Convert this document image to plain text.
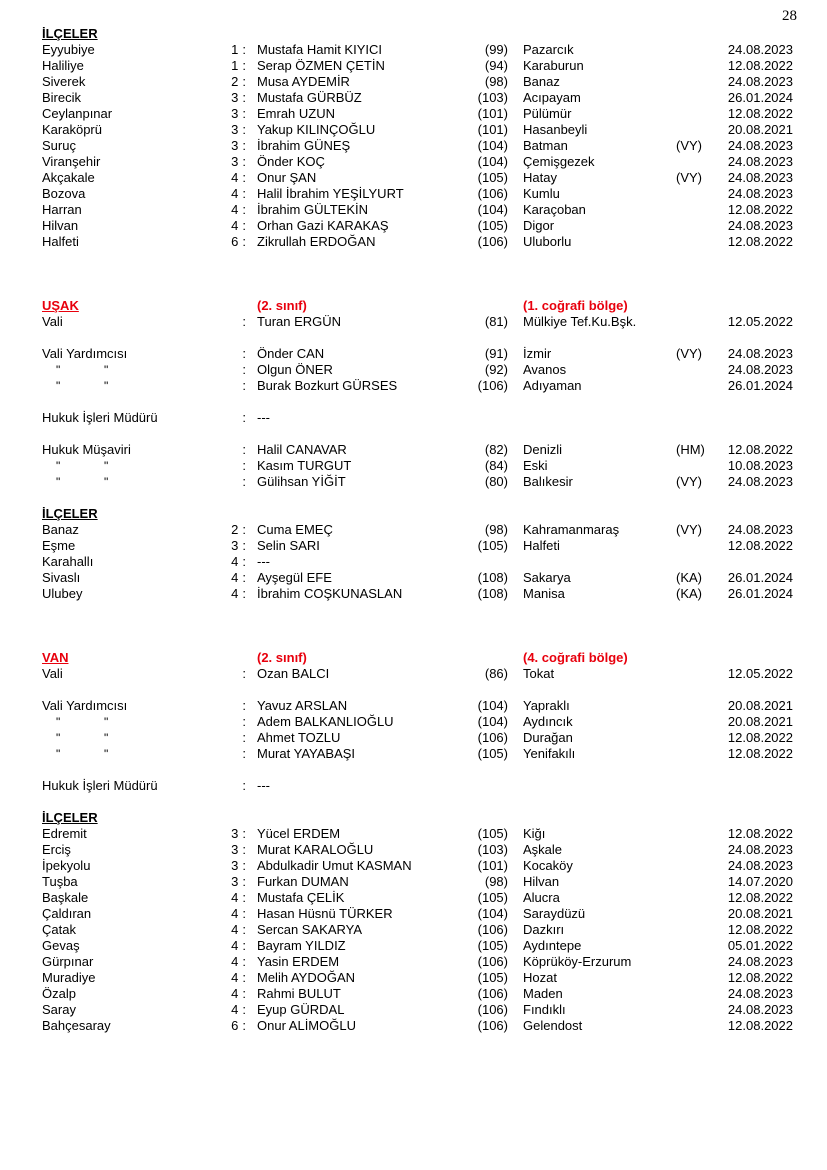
28
İLÇELER
Eyyubiye	1 : Mustafa Hamit KIYICI	(99) Pazarcık	24.08.2023
Haliliye	1 : Serap ÖZMEN ÇETİN	(94) Karaburun	12.08.2022
Siverek	2 : Musa AYDEMİR	(98) Banaz	24.08.2023
Birecik	3 : Mustafa GÜRBÜZ	(103) Acıpayam	26.01.2024
Ceylanpınar	3 : Emrah UZUN	(101) Pülümür	12.08.2022
Karaköprü	3 : Yakup KILINÇOĞLU	(101) Hasanbeyli	20.08.2021
Suruç	3 : İbrahim GÜNEŞ	(104) Batman	(VY)	24.08.2023
Viranşehir	3 : Önder KOÇ	(104) Çemişgezek	24.08.2023
Akçakale	4 : Onur ŞAN	(105) Hatay	(VY)	24.08.2023
Bozova	4 : Halil İbrahim YEŞİLYURT	(106) Kumlu	24.08.2023
Harran	4 : İbrahim GÜLTEKİN	(104) Karaçoban	12.08.2022
Hilvan	4 : Orhan Gazi KARAKAŞ	(105) Digor	24.08.2023
Halfeti	6 : Zikrullah ERDOĞAN	(106) Uluborlu	12.08.2022
UŞAK	(2. sınıf)	(1. coğrafi bölge)
Vali	: Turan ERGÜN	(81) Mülkiye Tef.Ku.Bşk.	12.05.2022
Vali Yardımcısı	: Önder CAN	(91) İzmir	(VY)	24.08.2023
"	"	: Olgun ÖNER	(92) Avanos	24.08.2023
"	"	: Burak Bozkurt GÜRSES	(106) Adıyaman	26.01.2024
Hukuk İşleri Müdürü	: ---
Hukuk Müşaviri	: Halil CANAVAR	(82) Denizli	(HM)	12.08.2022
"	"	: Kasım TURGUT	(84) Eski	10.08.2023
"	"	: Gülihsan YİĞİT	(80) Balıkesir	(VY)	24.08.2023
İLÇELER
Banaz	2 : Cuma EMEÇ	(98) Kahramanmaraş	(VY)	24.08.2023
Eşme	3 : Selin SARI	(105) Halfeti	12.08.2022
Karahallı	4 : ---
Sivaslı	4 : Ayşegül EFE	(108) Sakarya	(KA)	26.01.2024
Ulubey	4 : İbrahim COŞKUNASLAN	(108) Manisa	(KA)	26.01.2024
VAN	(2. sınıf)	(4. coğrafi bölge)
Vali	: Ozan BALCI	(86) Tokat	12.05.2022
Vali Yardımcısı	: Yavuz ARSLAN	(104) Yapraklı	20.08.2021
"	"	: Adem BALKANLIOĞLU	(104) Aydıncık	20.08.2021
"	"	: Ahmet TOZLU	(106) Durağan	12.08.2022
"	"	: Murat YAYABAŞI	(105) Yenifakılı	12.08.2022
Hukuk İşleri Müdürü	: ---
İLÇELER
Edremit	3 : Yücel ERDEM	(105) Kiğı	12.08.2022
Erciş	3 : Murat KARALOĞLU	(103) Aşkale	24.08.2023
İpekyolu	3 : Abdulkadir Umut KASMAN	(101) Kocaköy	24.08.2023
Tuşba	3 : Furkan DUMAN	(98) Hilvan	14.07.2020
Başkale	4 : Mustafa ÇELİK	(105) Alucra	12.08.2022
Çaldıran	4 : Hasan Hüsnü TÜRKER	(104) Saraydüzü	20.08.2021
Çatak	4 : Sercan SAKARYA	(106) Dazkırı	12.08.2022
Gevaş	4 : Bayram YILDIZ	(105) Aydıntepe	05.01.2022
Gürpınar	4 : Yasin ERDEM	(106) Köprüköy-Erzurum	24.08.2023
Muradiye	4 : Melih AYDOĞAN	(105) Hozat	12.08.2022
Özalp	4 : Rahmi BULUT	(106) Maden	24.08.2023
Saray	4 : Eyup GÜRDAL	(106) Fındıklı	24.08.2023
Bahçesaray	6 : Onur ALİMOĞLU	(106) Gelendost	12.08.2022
